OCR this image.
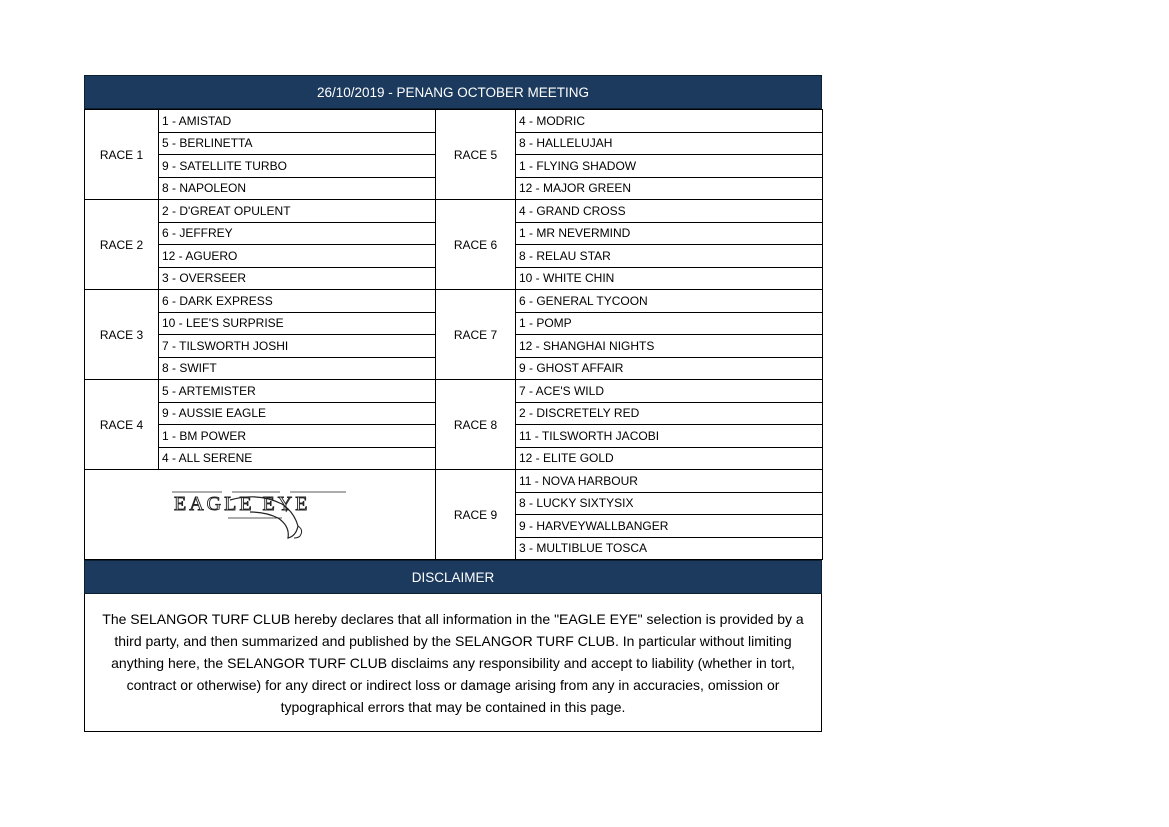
26/10/2019 - PENANG OCTOBER MEETING
RACE 1	1 - AMISTAD	RACE 5	4 - MODRIC
	5 - BERLINETTA		8 - HALLELUJAH
	9 - SATELLITE TURBO		1 - FLYING SHADOW
	8 - NAPOLEON		12 - MAJOR GREEN
RACE 2	2 - D'GREAT OPULENT	RACE 6	4 - GRAND CROSS
	6 - JEFFREY		1 - MR NEVERMIND
	12 - AGUERO		8 - RELAU STAR
	3 - OVERSEER		10 - WHITE CHIN
RACE 3	6 - DARK EXPRESS	RACE 7	6 - GENERAL TYCOON
	10 - LEE'S SURPRISE		1 - POMP
	7 - TILSWORTH JOSHI		12 - SHANGHAI NIGHTS
	8 - SWIFT		9 - GHOST AFFAIR
RACE 4	5 - ARTEMISTER	RACE 8	7 - ACE'S WILD
	9 - AUSSIE EAGLE		2 - DISCRETELY RED
	1 - BM POWER		11 - TILSWORTH JACOBI
	4 - ALL SERENE		12 - ELITE GOLD

EAGLE EYE		RACE 9	11 - NOVA HARBOUR
			8 - LUCKY SIXTYSIX
			9 - HARVEYWALLBANGER
			3 - MULTIBLUE TOSCA
DISCLAIMER
The SELANGOR TURF CLUB hereby declares that all information in the "EAGLE EYE" selection is provided by a third party, and then summarized and published by the SELANGOR TURF CLUB. In particular without limiting anything here, the SELANGOR TURF CLUB disclaims any responsibility and accept to liability (whether in tort, contract or otherwise) for any direct or indirect loss or damage arising from any in accuracies, omission or typographical errors that may be contained in this page.
